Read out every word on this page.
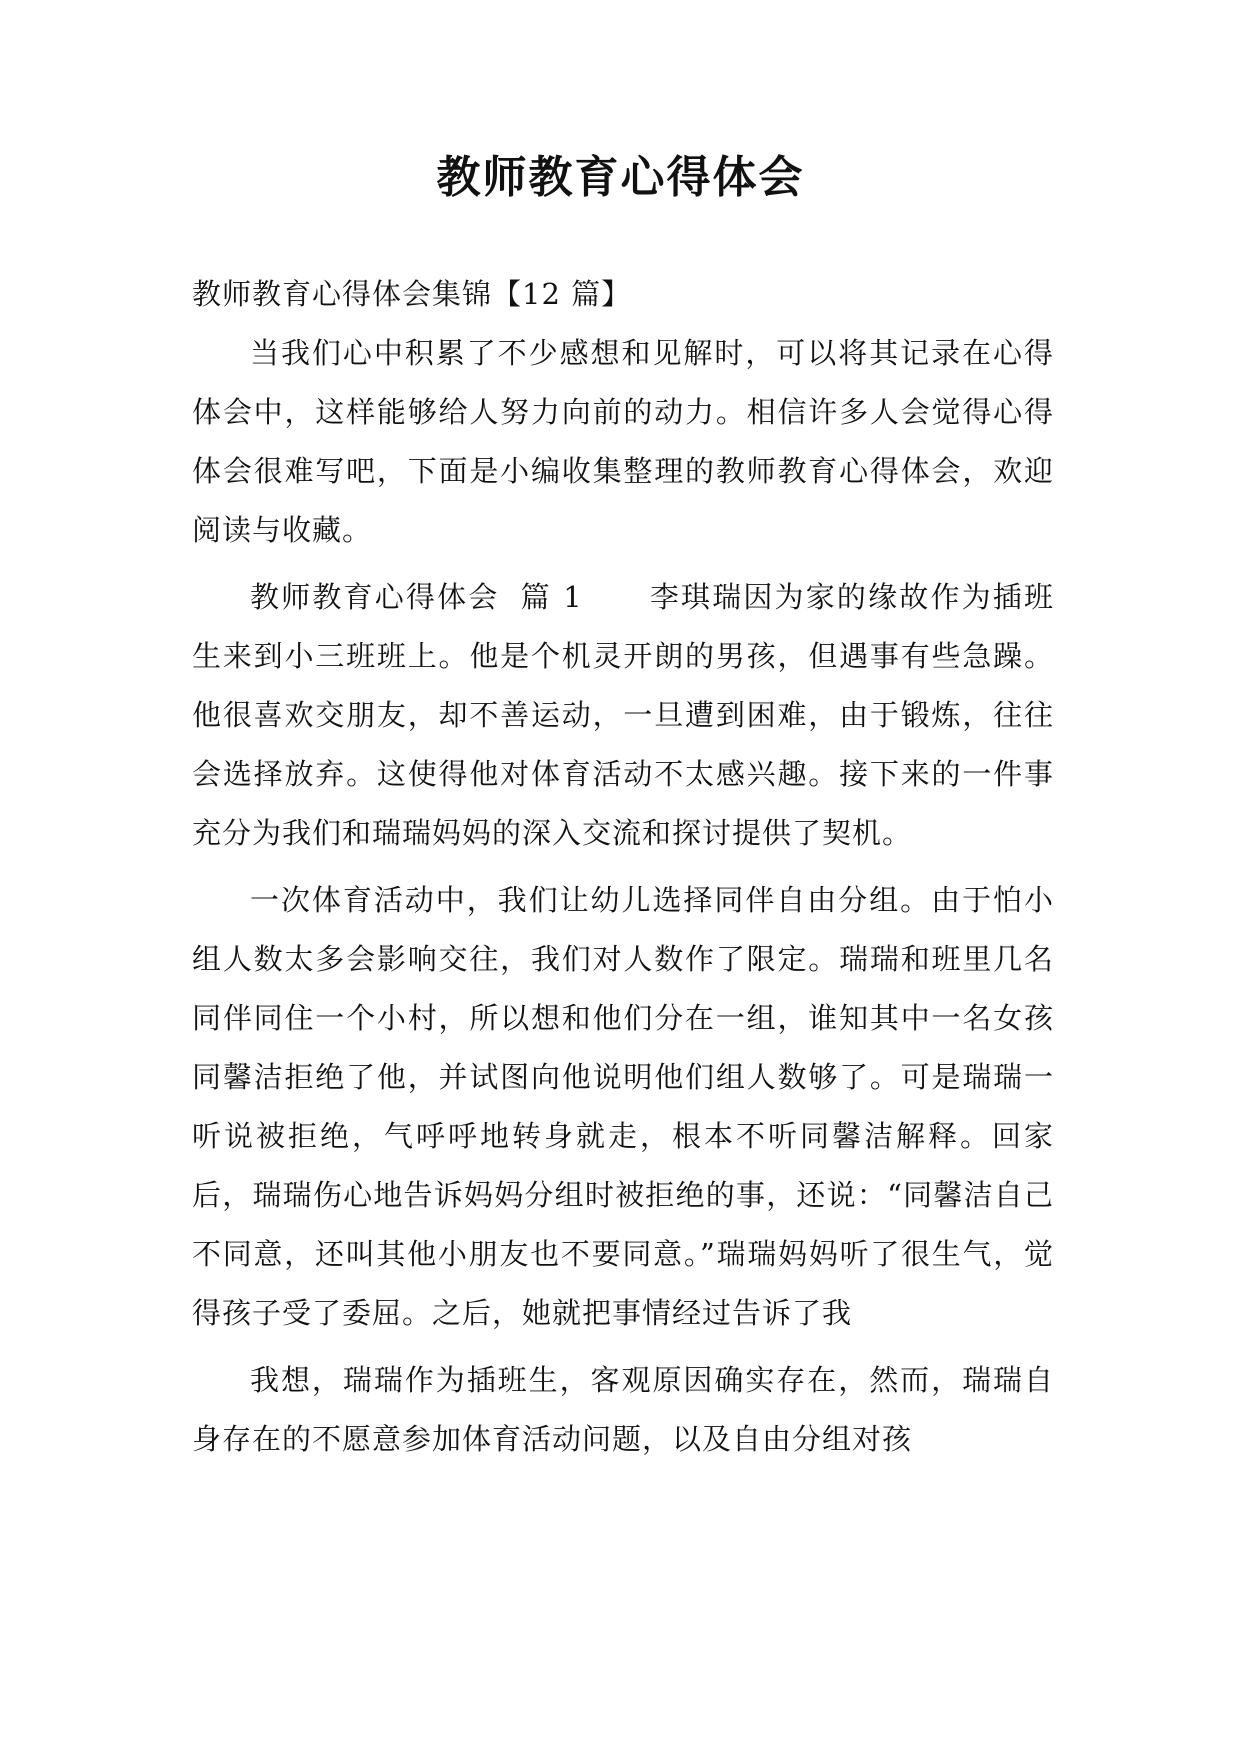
教师教育心得体会

教师教育心得体会集锦【12 篇】

当我们心中积累了不少感想和见解时，可以将其记录在心得体会中，这样能够给人努力向前的动力。相信许多人会觉得心得体会很难写吧，下面是小编收集整理的教师教育心得体会，欢迎阅读与收藏。

教师教育心得体会 篇 1 李琪瑞因为家的缘故作为插班生来到小三班班上。他是个机灵开朗的男孩，但遇事有些急躁。他很喜欢交朋友，却不善运动，一旦遭到困难，由于锻炼，往往会选择放弃。这使得他对体育活动不太感兴趣。接下来的一件事充分为我们和瑞瑞妈妈的深入交流和探讨提供了契机。

一次体育活动中，我们让幼儿选择同伴自由分组。由于怕小组人数太多会影响交往，我们对人数作了限定。瑞瑞和班里几名同伴同住一个小村，所以想和他们分在一组，谁知其中一名女孩同馨洁拒绝了他，并试图向他说明他们组人数够了。可是瑞瑞一听说被拒绝，气呼呼地转身就走，根本不听同馨洁解释。回家后，瑞瑞伤心地告诉妈妈分组时被拒绝的事，还说：“同馨洁自己不同意，还叫其他小朋友也不要同意。”瑞瑞妈妈听了很生气，觉得孩子受了委屈。之后，她就把事情经过告诉了我

我想，瑞瑞作为插班生，客观原因确实存在，然而，瑞瑞自身存在的不愿意参加体育活动问题，以及自由分组对孩
